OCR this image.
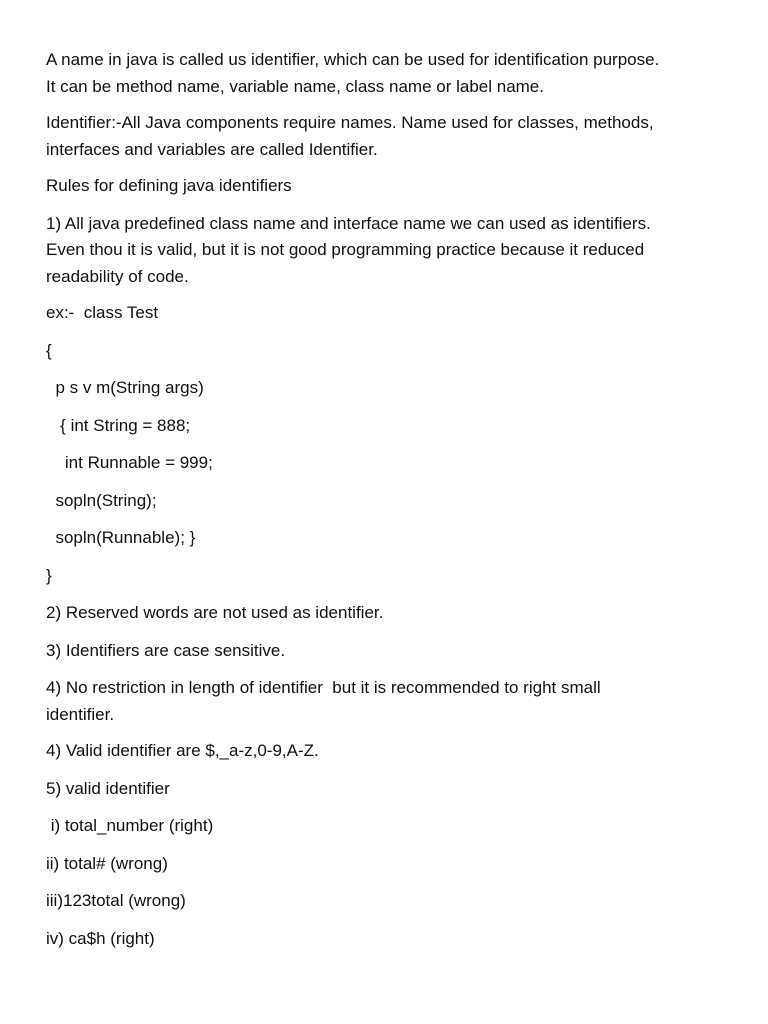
A name in java is called us identifier, which can be used for identification purpose.
It can be method name, variable name, class name or label name.

Identifier:-All Java components require names. Name used for classes, methods,
interfaces and variables are called Identifier.

Rules for defining java identifiers

1) All java predefined class name and interface name we can used as identifiers.
Even thou it is valid, but it is not good programming practice because it reduced
readability of code.

ex:-  class Test

{

p s v m(String args)

{ int String = 888;

int Runnable = 999;

sopln(String);

sopln(Runnable); }

}

2) Reserved words are not used as identifier.

3) Identifiers are case sensitive.

4) No restriction in length of identifier  but it is recommended to right small
identifier.

4) Valid identifier are $,_a-z,0-9,A-Z.

5) valid identifier

i) total_number (right)

ii) total# (wrong)

iii)123total (wrong)

iv) ca$h (right)
